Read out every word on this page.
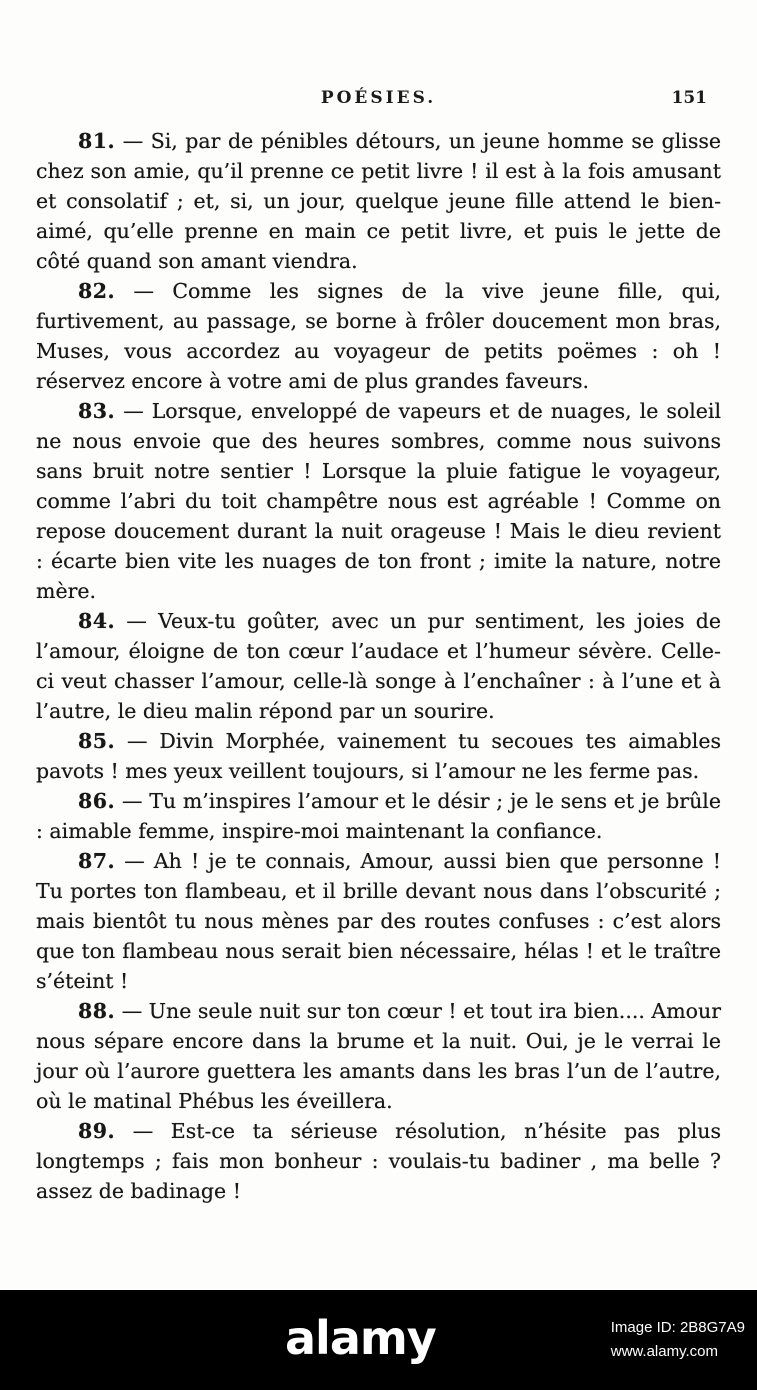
POÉSIES.	151

81. — Si, par de pénibles détours, un jeune homme se glisse chez son amie, qu’il prenne ce petit livre ! il est à la fois amusant et consolatif ; et, si, un jour, quelque jeune fille attend le bien-aimé, qu’elle prenne en main ce petit livre, et puis le jette de côté quand son amant viendra.

82. — Comme les signes de la vive jeune fille, qui, furtivement, au passage, se borne à frôler doucement mon bras, Muses, vous accordez au voyageur de petits poëmes : oh ! réservez encore à votre ami de plus grandes faveurs.

83. — Lorsque, enveloppé de vapeurs et de nuages, le soleil ne nous envoie que des heures sombres, comme nous suivons sans bruit notre sentier ! Lorsque la pluie fatigue le voyageur, comme l’abri du toit champêtre nous est agréable ! Comme on repose doucement durant la nuit orageuse ! Mais le dieu revient : écarte bien vite les nuages de ton front ; imite la nature, notre mère.

84. — Veux-tu goûter, avec un pur sentiment, les joies de l’amour, éloigne de ton cœur l’audace et l’humeur sévère. Celle-ci veut chasser l’amour, celle-là songe à l’enchaîner : à l’une et à l’autre, le dieu malin répond par un sourire.

85. — Divin Morphée, vainement tu secoues tes aimables pavots ! mes yeux veillent toujours, si l’amour ne les ferme pas.

86. — Tu m’inspires l’amour et le désir ; je le sens et je brûle : aimable femme, inspire-moi maintenant la confiance.

87. — Ah ! je te connais, Amour, aussi bien que personne ! Tu portes ton flambeau, et il brille devant nous dans l’obscurité ; mais bientôt tu nous mènes par des routes confuses : c’est alors que ton flambeau nous serait bien nécessaire, hélas ! et le traître s’éteint !

88. — Une seule nuit sur ton cœur ! et tout ira bien.... Amour nous sépare encore dans la brume et la nuit. Oui, je le verrai le jour où l’aurore guettera les amants dans les bras l’un de l’autre, où le matinal Phébus les éveillera.

89. — Est-ce ta sérieuse résolution, n’hésite pas plus longtemps ; fais mon bonheur : voulais-tu badiner , ma belle ? assez de badinage !

alamy	Image ID: 2B8G7A9
www.alamy.com
